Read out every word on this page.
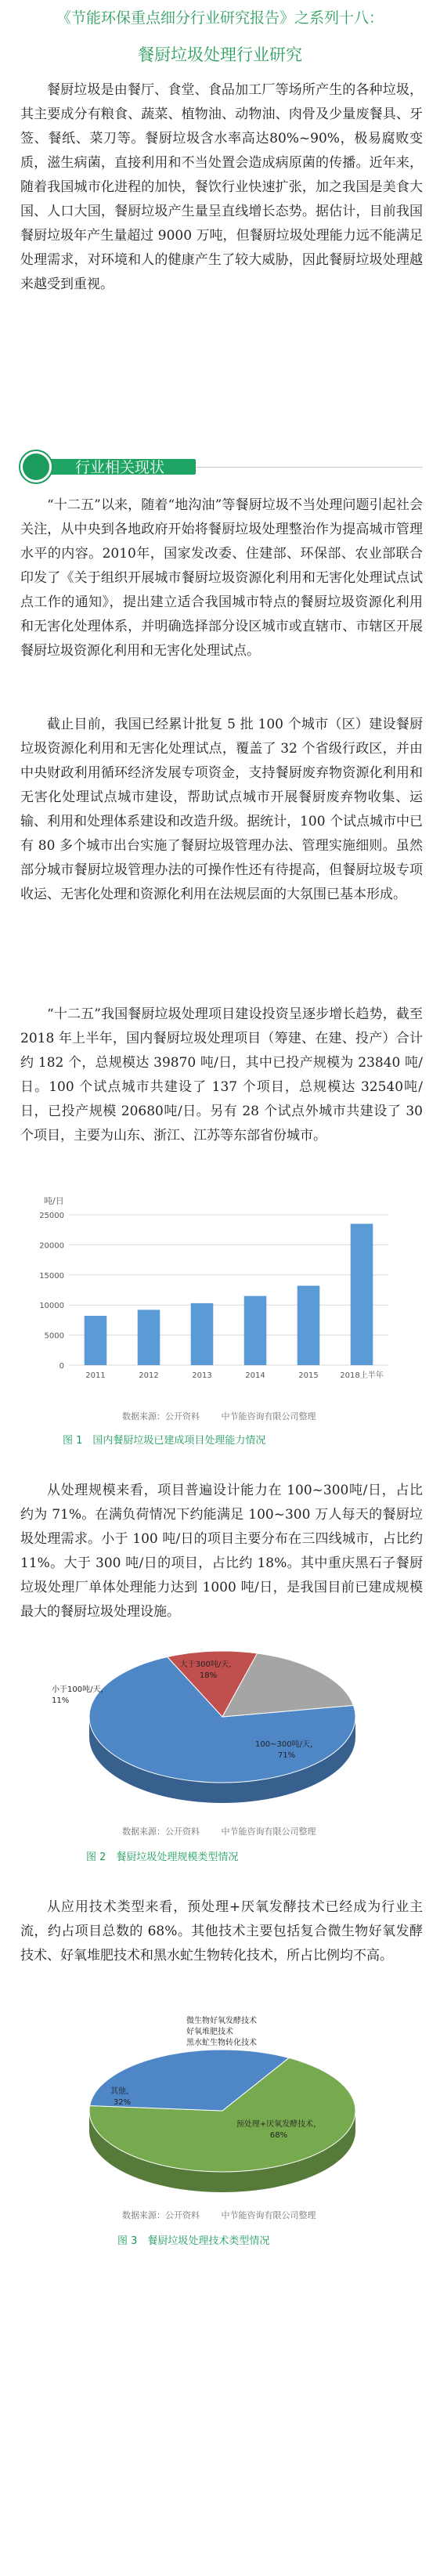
《节能环保重点细分行业研究报告》之系列十八：
餐厨垃圾处理行业研究
餐厨垃圾是由餐厅、食堂、食品加工厂等场所产生的各种垃圾，其主要成分有粮食、蔬菜、植物油、动物油、肉骨及少量废餐具、牙签、餐纸、菜刀等。餐厨垃圾含水率高达80%~90%，极易腐败变质，滋生病菌，直接利用和不当处置会造成病原菌的传播。近年来，随着我国城市化进程的加快，餐饮行业快速扩张，加之我国是美食大国、人口大国，餐厨垃圾产生量呈直线增长态势。据估计，目前我国餐厨垃圾年产生量超过 9000 万吨，但餐厨垃圾处理能力远不能满足处理需求，对环境和人的健康产生了较大威胁，因此餐厨垃圾处理越来越受到重视。
行业相关现状
“十二五”以来，随着“地沟油”等餐厨垃圾不当处理问题引起社会关注，从中央到各地政府开始将餐厨垃圾处理整治作为提高城市管理水平的内容。2010年，国家发改委、住建部、环保部、农业部联合印发了《关于组织开展城市餐厨垃圾资源化利用和无害化处理试点试点工作的通知》，提出建立适合我国城市特点的餐厨垃圾资源化利用和无害化处理体系，并明确选择部分设区城市或直辖市、市辖区开展餐厨垃圾资源化利用和无害化处理试点。
截止目前，我国已经累计批复 5 批 100 个城市（区）建设餐厨垃圾资源化利用和无害化处理试点，覆盖了 32 个省级行政区，并由中央财政利用循环经济发展专项资金，支持餐厨废弃物资源化利用和无害化处理试点城市建设，帮助试点城市开展餐厨废弃物收集、运输、利用和处理体系建设和改造升级。据统计，100 个试点城市中已有 80 多个城市出台实施了餐厨垃圾管理办法、管理实施细则。虽然部分城市餐厨垃圾管理办法的可操作性还有待提高，但餐厨垃圾专项收运、无害化处理和资源化利用在法规层面的大氛围已基本形成。
“十二五”我国餐厨垃圾处理项目建设投资呈逐步增长趋势，截至 2018 年上半年，国内餐厨垃圾处理项目（筹建、在建、投产）合计约 182 个，总规模达 39870 吨/日，其中已投产规模为 23840 吨/日。100 个试点城市共建设了 137 个项目，总规模达 32540吨/日，已投产规模 20680吨/日。另有 28 个试点外城市共建设了 30 个项目，主要为山东、浙江、江苏等东部省份城市。
吨/日
0
5000
10000
15000
20000
25000
2011	2012	2013	2014	2015	2018上半年
数据来源：公开资料	中节能咨询有限公司整理
图 1　国内餐厨垃圾已建成项目处理能力情况
从处理规模来看，项目普遍设计能力在 100~300吨/日，占比约为 71%。在满负荷情况下约能满足 100~300 万人每天的餐厨垃圾处理需求。小于 100 吨/日的项目主要分布在三四线城市，占比约 11%。大于 300 吨/日的项目，占比约 18%。其中重庆黑石子餐厨垃圾处理厂单体处理能力达到 1000 吨/日，是我国目前已建成规模最大的餐厨垃圾处理设施。
100~300吨/天，
71%
小于100吨/天，
11%
大于300吨/天，
18%
数据来源：公开资料	中节能咨询有限公司整理
图 2　餐厨垃圾处理规模类型情况
从应用技术类型来看，预处理+厌氧发酵技术已经成为行业主流，约占项目总数的 68%。其他技术主要包括复合微生物好氧发酵技术、好氧堆肥技术和黑水虻生物转化技术，所占比例均不高。
预处理+厌氧发酵技术，
68%
其他，
32%
微生物好氧发酵技术
好氧堆肥技术
黑水虻生物转化技术
数据来源：公开资料	中节能咨询有限公司整理
图 3　餐厨垃圾处理技术类型情况
